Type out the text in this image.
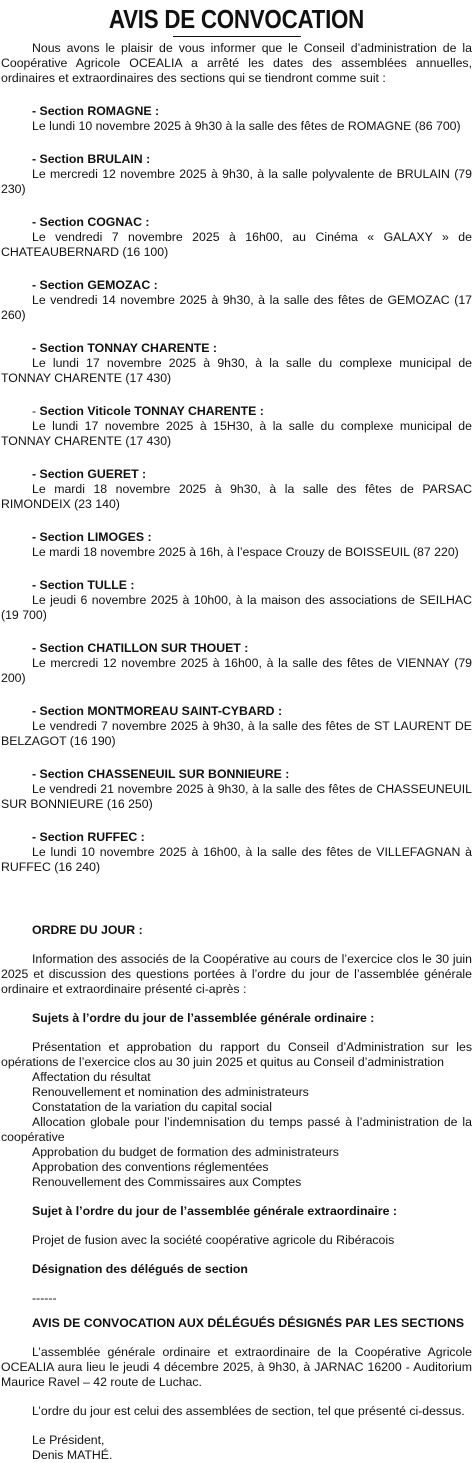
AVIS DE CONVOCATION

Nous avons le plaisir de vous informer que le Conseil d’administration de la Coopérative Agricole OCEALIA a arrêté les dates des assemblées annuelles, ordinaires et extraordinaires des sections qui se tiendront comme suit :

- Section ROMAGNE :
Le lundi 10 novembre 2025 à 9h30 à la salle des fêtes de ROMAGNE (86 700)
- Section BRULAIN :
Le mercredi 12 novembre 2025 à 9h30, à la salle polyvalente de BRULAIN (79 230)
- Section COGNAC :
Le vendredi 7 novembre 2025 à 16h00, au Cinéma « GALAXY » de CHATEAUBERNARD (16 100)
- Section GEMOZAC :
Le vendredi 14 novembre 2025 à 9h30, à la salle des fêtes de GEMOZAC (17 260)
- Section TONNAY CHARENTE :
Le lundi 17 novembre 2025 à 9h30, à la salle du complexe municipal de TONNAY CHARENTE (17 430)
- Section Viticole TONNAY CHARENTE :
Le lundi 17 novembre 2025 à 15H30, à la salle du complexe municipal de TONNAY CHARENTE (17 430)
- Section GUERET :
Le mardi 18 novembre 2025 à 9h30, à la salle des fêtes de PARSAC RIMONDEIX (23 140)
- Section LIMOGES :
Le mardi 18 novembre 2025 à 16h, à l’espace Crouzy de BOISSEUIL (87 220)
- Section TULLE :
Le jeudi 6 novembre 2025 à 10h00, à la maison des associations de SEILHAC (19 700)
- Section CHATILLON SUR THOUET :
Le mercredi 12 novembre 2025 à 16h00, à la salle des fêtes de VIENNAY (79 200)
- Section MONTMOREAU SAINT-CYBARD :
Le vendredi 7 novembre 2025 à 9h30, à la salle des fêtes de ST LAURENT DE BELZAGOT (16 190)
- Section CHASSENEUIL SUR BONNIEURE :
Le vendredi 21 novembre 2025 à 9h30, à la salle des fêtes de CHASSEUNEUIL SUR BONNIEURE (16 250)
- Section RUFFEC :
Le lundi 10 novembre 2025 à 16h00, à la salle des fêtes de VILLEFAGNAN à RUFFEC (16 240)
ORDRE DU JOUR :

Information des associés de la Coopérative au cours de l’exercice clos le 30 juin 2025 et discussion des questions portées à l’ordre du jour de l’assemblée générale ordinaire et extraordinaire présenté ci-après :

Sujets à l’ordre du jour de l’assemblée générale ordinaire :
Présentation et approbation du rapport du Conseil d’Administration sur les opérations de l’exercice clos au 30 juin 2025 et quitus au Conseil d’administration
Affectation du résultat
Renouvellement et nomination des administrateurs
Constatation de la variation du capital social
Allocation globale pour l’indemnisation du temps passé à l’administration de la coopérative
Approbation du budget de formation des administrateurs
Approbation des conventions réglementées
Renouvellement des Commissaires aux Comptes
Sujet à l’ordre du jour de l’assemblée générale extraordinaire :
Projet de fusion avec la société coopérative agricole du Ribéracois
Désignation des délégués de section
------
AVIS DE CONVOCATION AUX DÉLÉGUÉS DÉSIGNÉS PAR LES SECTIONS

L’assemblée générale ordinaire et extraordinaire de la Coopérative Agricole OCEALIA aura lieu le jeudi 4 décembre 2025, à 9h30, à JARNAC 16200 - Auditorium Maurice Ravel – 42 route de Luchac.

L’ordre du jour est celui des assemblées de section, tel que présenté ci-dessus.
Le Président,
Denis MATHÉ.
